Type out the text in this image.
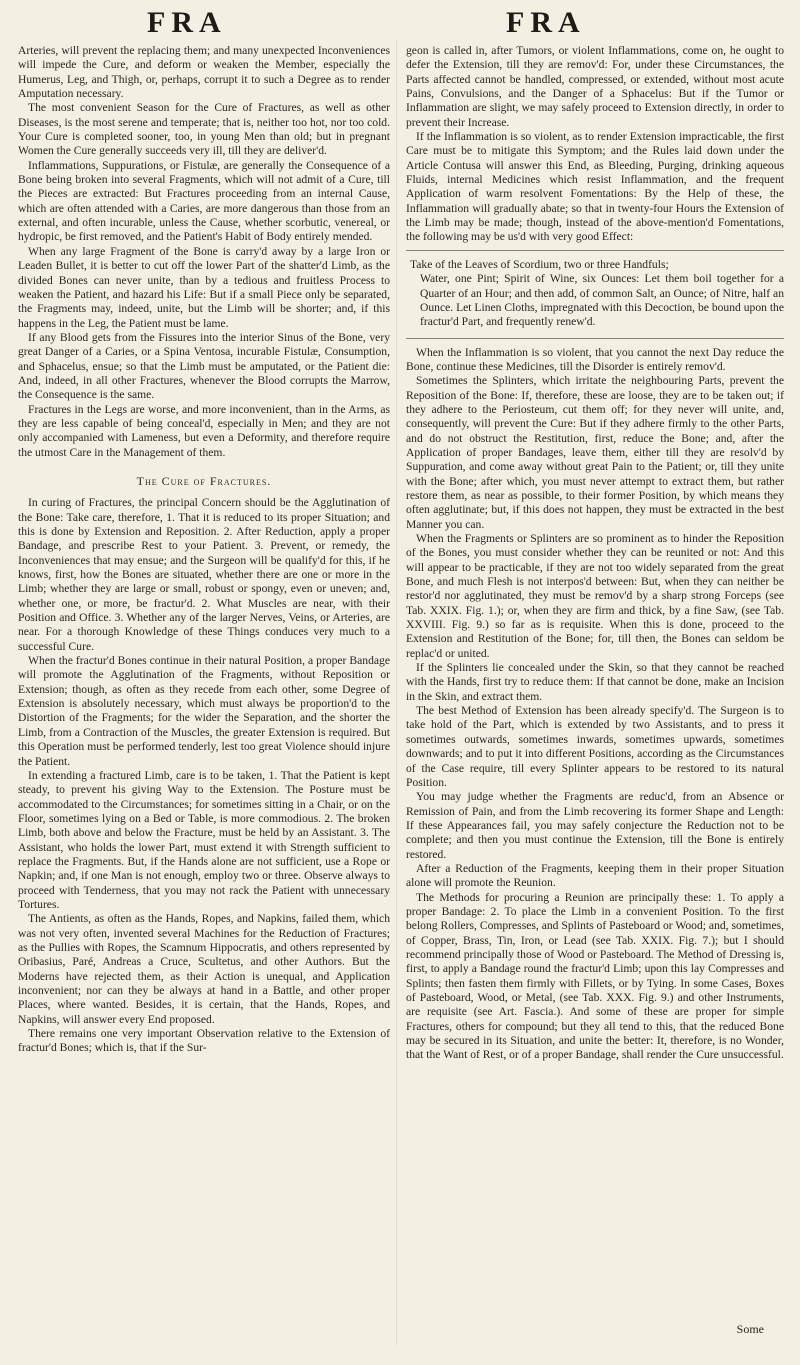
FRA	FRA

Arteries, will prevent the replacing them; and many unexpected Inconveniences will impede the Cure, and deform or weaken the Member, especially the Humerus, Leg, and Thigh, or, perhaps, corrupt it to such a Degree as to render Amputation necessary.

The most convenient Season for the Cure of Fractures, as well as other Diseases, is the most serene and temperate; that is, neither too hot, nor too cold. Your Cure is completed sooner, too, in young Men than old; but in pregnant Women the Cure generally succeeds very ill, till they are deliver'd.

Inflammations, Suppurations, or Fistulæ, are generally the Consequence of a Bone being broken into several Fragments, which will not admit of a Cure, till the Pieces are extracted: But Fractures proceeding from an internal Cause, which are often attended with a Caries, are more dangerous than those from an external, and often incurable, unless the Cause, whether scorbutic, venereal, or hydropic, be first removed, and the Patient's Habit of Body entirely mended.

When any large Fragment of the Bone is carry'd away by a large Iron or Leaden Bullet, it is better to cut off the lower Part of the shatter'd Limb, as the divided Bones can never unite, than by a tedious and fruitless Process to weaken the Patient, and hazard his Life: But if a small Piece only be separated, the Fragments may, indeed, unite, but the Limb will be shorter; and, if this happens in the Leg, the Patient must be lame.

If any Blood gets from the Fissures into the interior Sinus of the Bone, very great Danger of a Caries, or a Spina Ventosa, incurable Fistulæ, Consumption, and Sphacelus, ensue; so that the Limb must be amputated, or the Patient die: And, indeed, in all other Fractures, whenever the Blood corrupts the Marrow, the Consequence is the same.

Fractures in the Legs are worse, and more inconvenient, than in the Arms, as they are less capable of being conceal'd, especially in Men; and they are not only accompanied with Lameness, but even a Deformity, and therefore require the utmost Care in the Management of them.

The Cure of Fractures.

In curing of Fractures, the principal Concern should be the Agglutination of the Bone: Take care, therefore, 1. That it is reduced to its proper Situation; and this is done by Extension and Reposition. 2. After Reduction, apply a proper Bandage, and prescribe Rest to your Patient. 3. Prevent, or remedy, the Inconveniences that may ensue; and the Surgeon will be qualify'd for this, if he knows, first, how the Bones are situated, whether there are one or more in the Limb; whether they are large or small, robust or spongy, even or uneven; and, whether one, or more, be fractur'd. 2. What Muscles are near, with their Position and Office. 3. Whether any of the larger Nerves, Veins, or Arteries, are near. For a thorough Knowledge of these Things conduces very much to a successful Cure.

When the fractur'd Bones continue in their natural Position, a proper Bandage will promote the Agglutination of the Fragments, without Reposition or Extension; though, as often as they recede from each other, some Degree of Extension is absolutely necessary, which must always be proportion'd to the Distortion of the Fragments; for the wider the Separation, and the shorter the Limb, from a Contraction of the Muscles, the greater Extension is required. But this Operation must be performed tenderly, lest too great Violence should injure the Patient.

In extending a fractured Limb, care is to be taken, 1. That the Patient is kept steady, to prevent his giving Way to the Extension. The Posture must be accommodated to the Circumstances; for sometimes sitting in a Chair, or on the Floor, sometimes lying on a Bed or Table, is more commodious. 2. The broken Limb, both above and below the Fracture, must be held by an Assistant. 3. The Assistant, who holds the lower Part, must extend it with Strength sufficient to replace the Fragments. But, if the Hands alone are not sufficient, use a Rope or Napkin; and, if one Man is not enough, employ two or three. Observe always to proceed with Tenderness, that you may not rack the Patient with unnecessary Tortures.

The Antients, as often as the Hands, Ropes, and Napkins, failed them, which was not very often, invented several Machines for the Reduction of Fractures; as the Pullies with Ropes, the Scamnum Hippocratis, and others represented by Oribasius, Paré, Andreas a Cruce, Scultetus, and other Authors. But the Moderns have rejected them, as their Action is unequal, and Application inconvenient; nor can they be always at hand in a Battle, and other proper Places, where wanted. Besides, it is certain, that the Hands, Ropes, and Napkins, will answer every End proposed.

There remains one very important Observation relative to the Extension of fractur'd Bones; which is, that if the Sur-

geon is called in, after Tumors, or violent Inflammations, come on, he ought to defer the Extension, till they are remov'd: For, under these Circumstances, the Parts affected cannot be handled, compressed, or extended, without most acute Pains, Convulsions, and the Danger of a Sphacelus: But if the Tumor or Inflammation are slight, we may safely proceed to Extension directly, in order to prevent their Increase.

If the Inflammation is so violent, as to render Extension impracticable, the first Care must be to mitigate this Symptom; and the Rules laid down under the Article Contusa will answer this End, as Bleeding, Purging, drinking aqueous Fluids, internal Medicines which resist Inflammation, and the frequent Application of warm resolvent Fomentations: By the Help of these, the Inflammation will gradually abate; so that in twenty-four Hours the Extension of the Limb may be made; though, instead of the above-mention'd Fomentations, the following may be us'd with very good Effect:

Take of the Leaves of Scordium, two or three Handfuls;

Water, one Pint; Spirit of Wine, six Ounces: Let them boil together for a Quarter of an Hour; and then add, of common Salt, an Ounce; of Nitre, half an Ounce. Let Linen Cloths, impregnated with this Decoction, be bound upon the fractur'd Part, and frequently renew'd.

When the Inflammation is so violent, that you cannot the next Day reduce the Bone, continue these Medicines, till the Disorder is entirely remov'd.

Sometimes the Splinters, which irritate the neighbouring Parts, prevent the Reposition of the Bone: If, therefore, these are loose, they are to be taken out; if they adhere to the Periosteum, cut them off; for they never will unite, and, consequently, will prevent the Cure: But if they adhere firmly to the other Parts, and do not obstruct the Restitution, first, reduce the Bone; and, after the Application of proper Bandages, leave them, either till they are resolv'd by Suppuration, and come away without great Pain to the Patient; or, till they unite with the Bone; after which, you must never attempt to extract them, but rather restore them, as near as possible, to their former Position, by which means they often agglutinate; but, if this does not happen, they must be extracted in the best Manner you can.

When the Fragments or Splinters are so prominent as to hinder the Reposition of the Bones, you must consider whether they can be reunited or not: And this will appear to be practicable, if they are not too widely separated from the great Bone, and much Flesh is not interpos'd between: But, when they can neither be restor'd nor agglutinated, they must be remov'd by a sharp strong Forceps (see Tab. XXIX. Fig. 1.); or, when they are firm and thick, by a fine Saw, (see Tab. XXVIII. Fig. 9.) so far as is requisite. When this is done, proceed to the Extension and Restitution of the Bone; for, till then, the Bones can seldom be replac'd or united.

If the Splinters lie concealed under the Skin, so that they cannot be reached with the Hands, first try to reduce them: If that cannot be done, make an Incision in the Skin, and extract them.

The best Method of Extension has been already specify'd. The Surgeon is to take hold of the Part, which is extended by two Assistants, and to press it sometimes outwards, sometimes inwards, sometimes upwards, sometimes downwards; and to put it into different Positions, according as the Circumstances of the Case require, till every Splinter appears to be restored to its natural Position.

You may judge whether the Fragments are reduc'd, from an Absence or Remission of Pain, and from the Limb recovering its former Shape and Length: If these Appearances fail, you may safely conjecture the Reduction not to be complete; and then you must continue the Extension, till the Bone is entirely restored.

After a Reduction of the Fragments, keeping them in their proper Situation alone will promote the Reunion.

The Methods for procuring a Reunion are principally these: 1. To apply a proper Bandage: 2. To place the Limb in a convenient Position. To the first belong Rollers, Compresses, and Splints of Pasteboard or Wood; and, sometimes, of Copper, Brass, Tin, Iron, or Lead (see Tab. XXIX. Fig. 7.); but I should recommend principally those of Wood or Pasteboard. The Method of Dressing is, first, to apply a Bandage round the fractur'd Limb; upon this lay Compresses and Splints; then fasten them firmly with Fillets, or by Tying. In some Cases, Boxes of Pasteboard, Wood, or Metal, (see Tab. XXX. Fig. 9.) and other Instruments, are requisite (see Art. Fascia.). And some of these are proper for simple Fractures, others for compound; but they all tend to this, that the reduced Bone may be secured in its Situation, and unite the better: It, therefore, is no Wonder, that the Want of Rest, or of a proper Bandage, shall render the Cure unsuccessful.

Some
